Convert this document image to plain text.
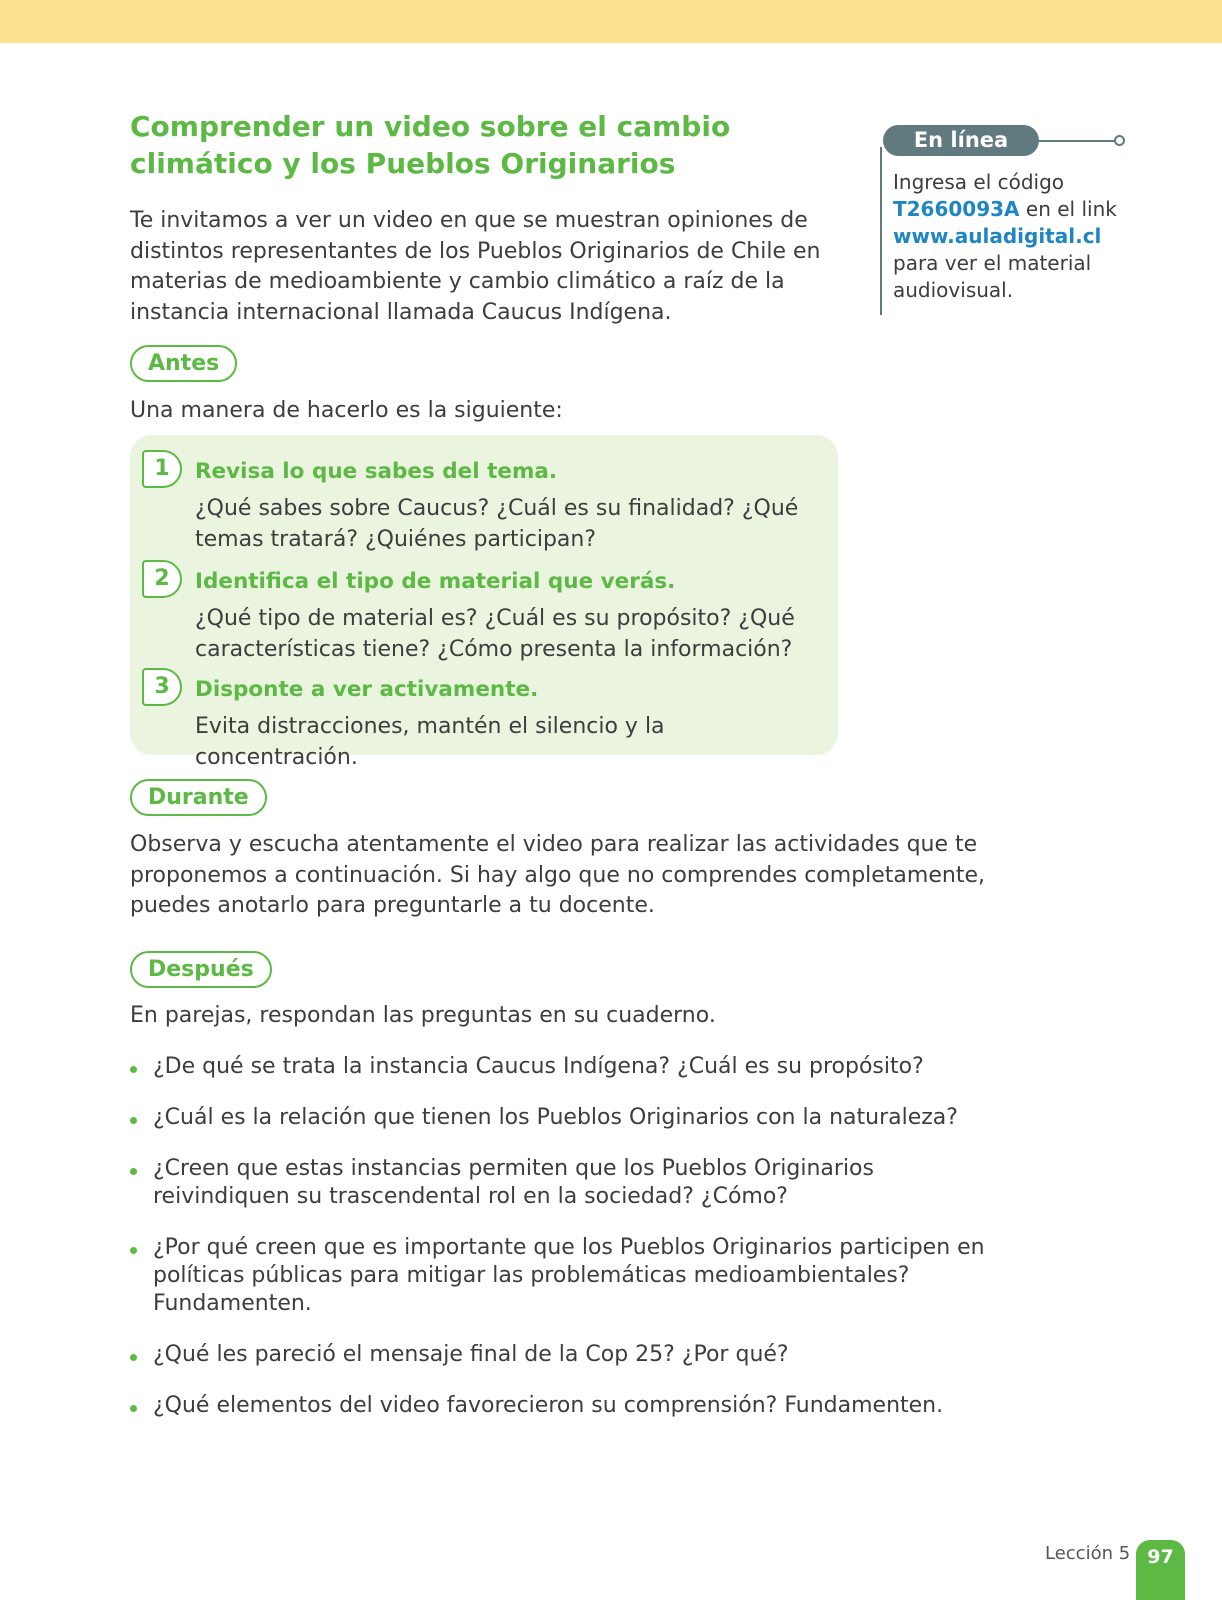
Comprender un video sobre el cambio climático y los Pueblos Originarios

Te invitamos a ver un video en que se muestran opiniones de distintos representantes de los Pueblos Originarios de Chile en materias de medioambiente y cambio climático a raíz de la instancia internacional llamada Caucus Indígena.

En línea
Ingresa el código
T2660093A en el link
www.auladigital.cl
para ver el material audiovisual.
Antes

Una manera de hacerlo es la siguiente:

1	Revisa lo que sabes del tema.
¿Qué sabes sobre Caucus? ¿Cuál es su finalidad? ¿Qué temas tratará? ¿Quiénes participan?
2	Identifica el tipo de material que verás.
¿Qué tipo de material es? ¿Cuál es su propósito? ¿Qué características tiene? ¿Cómo presenta la información?
3	Disponte a ver activamente.
Evita distracciones, mantén el silencio y la concentración.
Durante

Observa y escucha atentamente el video para realizar las actividades que te proponemos a continuación. Si hay algo que no comprendes completamente, puedes anotarlo para preguntarle a tu docente.

Después

En parejas, respondan las preguntas en su cuaderno.

¿De qué se trata la instancia Caucus Indígena? ¿Cuál es su propósito?
¿Cuál es la relación que tienen los Pueblos Originarios con la naturaleza?
¿Creen que estas instancias permiten que los Pueblos Originarios reivindiquen su trascendental rol en la sociedad? ¿Cómo?
¿Por qué creen que es importante que los Pueblos Originarios participen en políticas públicas para mitigar las problemáticas medioambientales? Fundamenten.
¿Qué les pareció el mensaje final de la Cop 25? ¿Por qué?
¿Qué elementos del video favorecieron su comprensión? Fundamenten.
Lección 5 97
